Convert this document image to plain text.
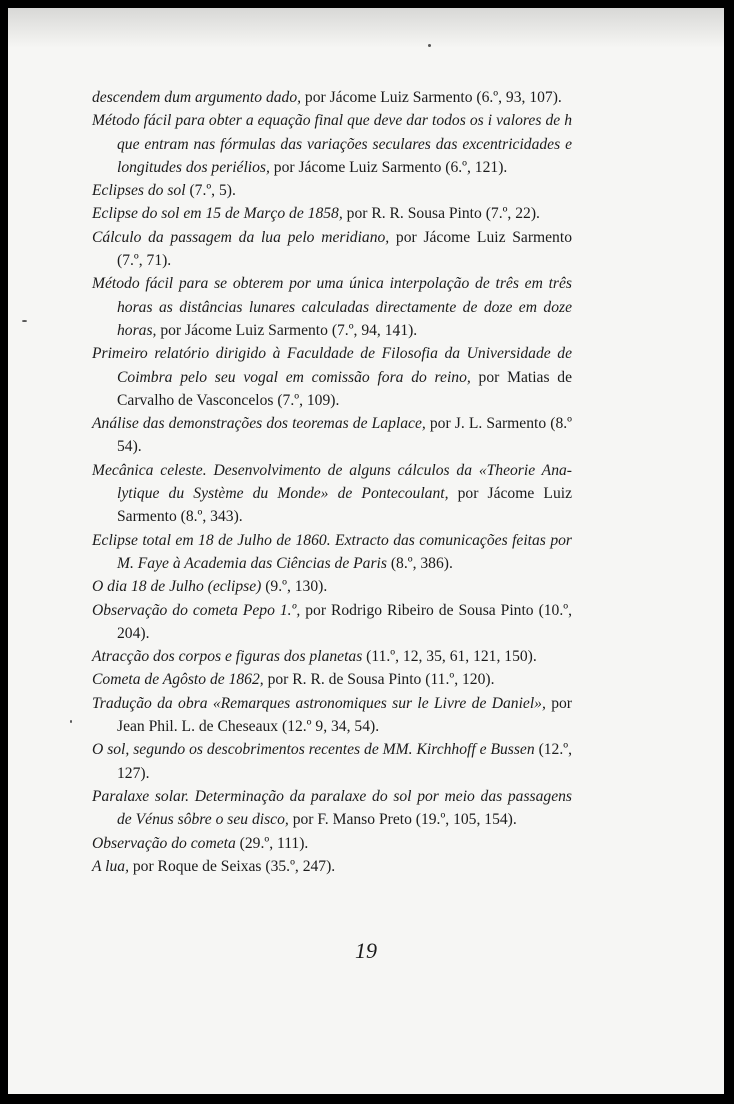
descendem dum argumento dado, por Jácome Luiz Sarmento (6.º, 93, 107).

Método fácil para obter a equação final que deve dar todos os i valores de h que entram nas fórmulas das variações seculares das excentricidades e longitudes dos periélios, por Jácome Luiz Sarmento (6.º, 121).

Eclipses do sol (7.º, 5).

Eclipse do sol em 15 de Março de 1858, por R. R. Sousa Pinto (7.º, 22).

Cálculo da passagem da lua pelo meridiano, por Jácome Luiz Sarmento (7.º, 71).

Método fácil para se obterem por uma única interpolação de três em três horas as distâncias lunares calculadas directamente de doze em doze horas, por Jácome Luiz Sarmento (7.º, 94, 141).

Primeiro relatório dirigido à Faculdade de Filosofia da Universidade de Coimbra pelo seu vogal em comissão fora do reino, por Matias de Carvalho de Vasconcelos (7.º, 109).

Análise das demonstrações dos teoremas de Laplace, por J. L. Sarmento (8.º 54).

Mecânica celeste. Desenvolvimento de alguns cálculos da «Theorie Analytique du Système du Monde» de Pontecoulant, por Jácome Luiz Sarmento (8.º, 343).

Eclipse total em 18 de Julho de 1860. Extracto das comunicações feitas por M. Faye à Academia das Ciências de Paris (8.º, 386).

O dia 18 de Julho (eclipse) (9.º, 130).

Observação do cometa Pepo 1.º, por Rodrigo Ribeiro de Sousa Pinto (10.º, 204).

Atracção dos corpos e figuras dos planetas (11.º, 12, 35, 61, 121, 150).

Cometa de Agôsto de 1862, por R. R. de Sousa Pinto (11.º, 120).

Tradução da obra «Remarques astronomiques sur le Livre de Daniel», por Jean Phil. L. de Cheseaux (12.º 9, 34, 54).

O sol, segundo os descobrimentos recentes de MM. Kirchhoff e Bussen (12.º, 127).

Paralaxe solar. Determinação da paralaxe do sol por meio das passagens de Vénus sôbre o seu disco, por F. Manso Preto (19.º, 105, 154).

Observação do cometa (29.º, 111).

A lua, por Roque de Seixas (35.º, 247).

19
